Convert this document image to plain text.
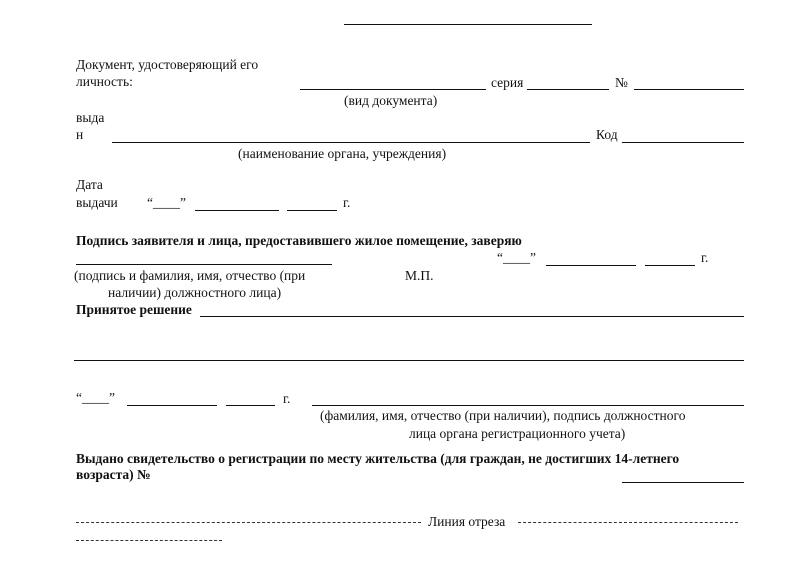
Документ, удостоверяющий его
личность:	серия	№
(вид документа)
выда
н	Код
(наименование органа, учреждения)
Дата
выдачи “____”	г.
Подпись заявителя и лица, предоставившего жилое помещение, заверяю
“____”	г.
(подпись и фамилия, имя, отчество (при	М.П.
наличии) должностного лица)
Принятое решение
“____”	г.
(фамилия, имя, отчество (при наличии), подпись должностного
лица органа регистрационного учета)
Выдано свидетельство о регистрации по месту жительства (для граждан, не достигших 14-летнего
возраста) №
Линия отреза
